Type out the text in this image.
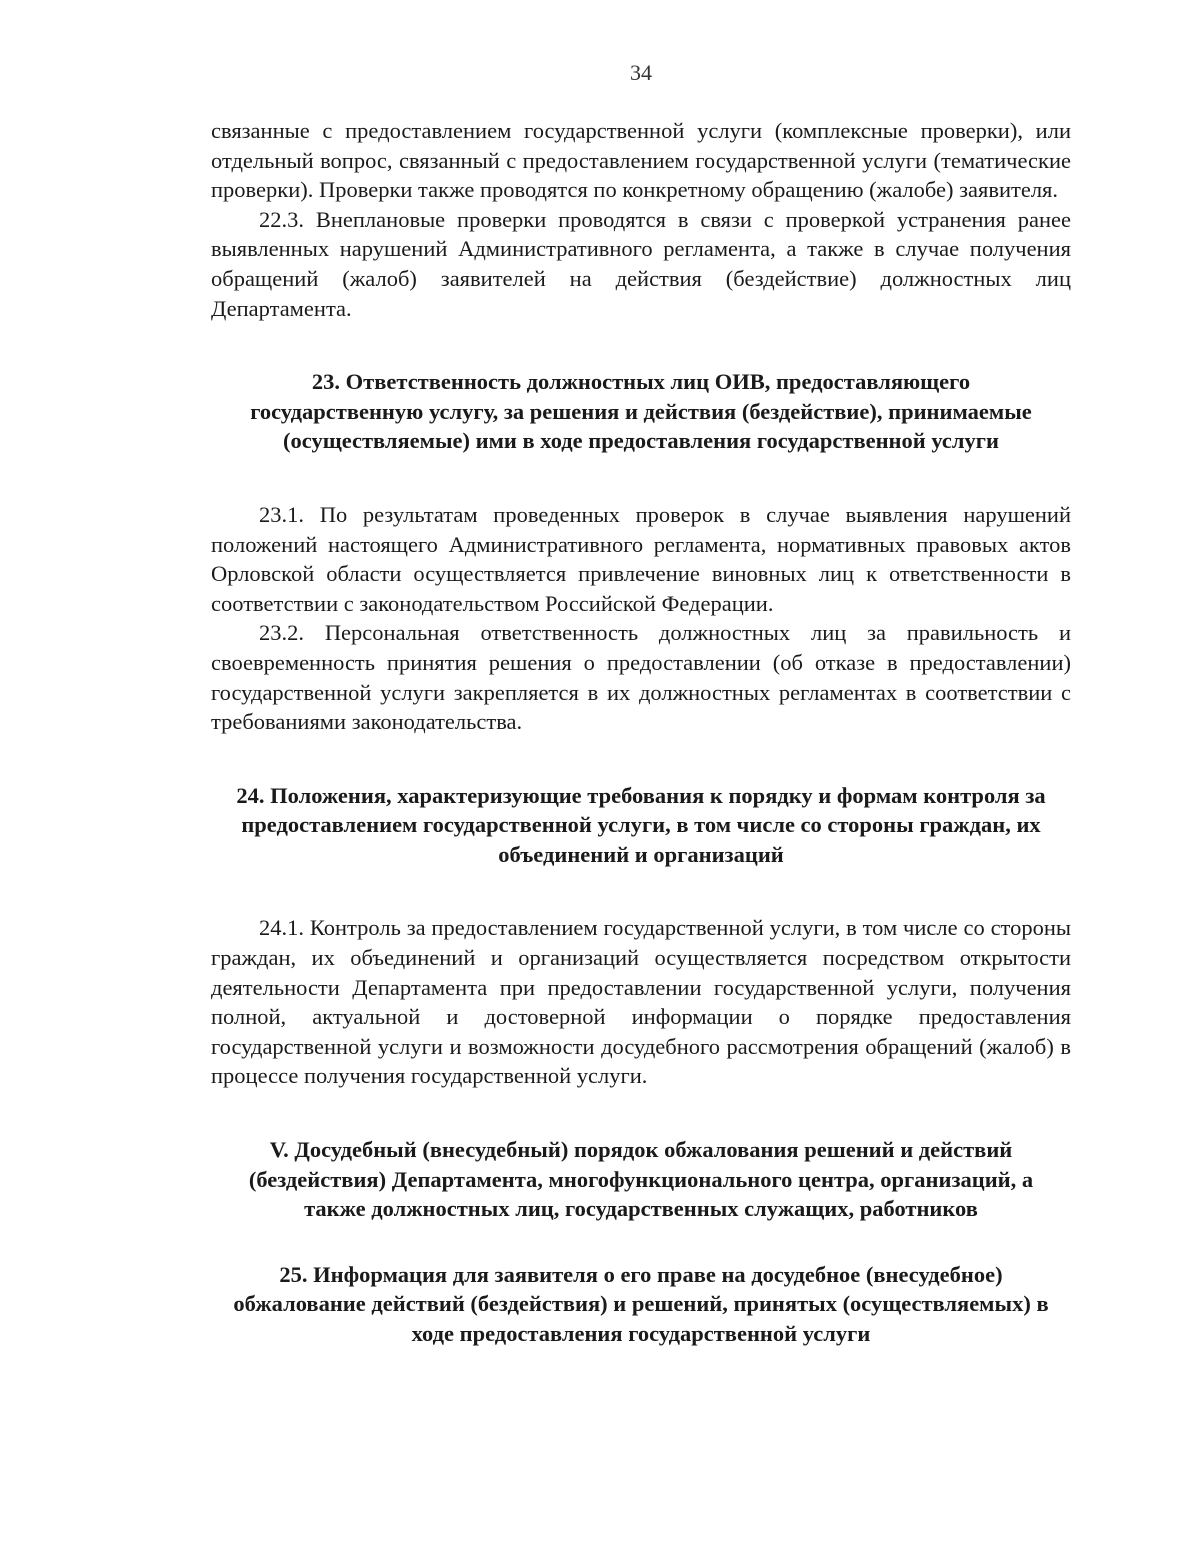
34

связанные с предоставлением государственной услуги (комплексные проверки), или отдельный вопрос, связанный с предоставлением государственной услуги (тематические проверки). Проверки также проводятся по конкретному обращению (жалобе) заявителя.

22.3. Внеплановые проверки проводятся в связи с проверкой устранения ранее выявленных нарушений Административного регламента, а также в случае получения обращений (жалоб) заявителей на действия (бездействие) должностных лиц Департамента.

23. Ответственность должностных лиц ОИВ, предоставляющего государственную услугу, за решения и действия (бездействие), принимаемые (осуществляемые) ими в ходе предоставления государственной услуги

23.1. По результатам проведенных проверок в случае выявления нарушений положений настоящего Административного регламента, нормативных правовых актов Орловской области осуществляется привлечение виновных лиц к ответственности в соответствии с законодательством Российской Федерации.

23.2. Персональная ответственность должностных лиц за правильность и своевременность принятия решения о предоставлении (об отказе в предоставлении) государственной услуги закрепляется в их должностных регламентах в соответствии с требованиями законодательства.

24. Положения, характеризующие требования к порядку и формам контроля за предоставлением государственной услуги, в том числе со стороны граждан, их объединений и организаций

24.1. Контроль за предоставлением государственной услуги, в том числе со стороны граждан, их объединений и организаций осуществляется посредством открытости деятельности Департамента при предоставлении государственной услуги, получения полной, актуальной и достоверной информации о порядке предоставления государственной услуги и возможности досудебного рассмотрения обращений (жалоб) в процессе получения государственной услуги.

V. Досудебный (внесудебный) порядок обжалования решений и действий (бездействия) Департамента, многофункционального центра, организаций, а также должностных лиц, государственных служащих, работников
25. Информация для заявителя о его праве на досудебное (внесудебное) обжалование действий (бездействия) и решений, принятых (осуществляемых) в ходе предоставления государственной услуги
